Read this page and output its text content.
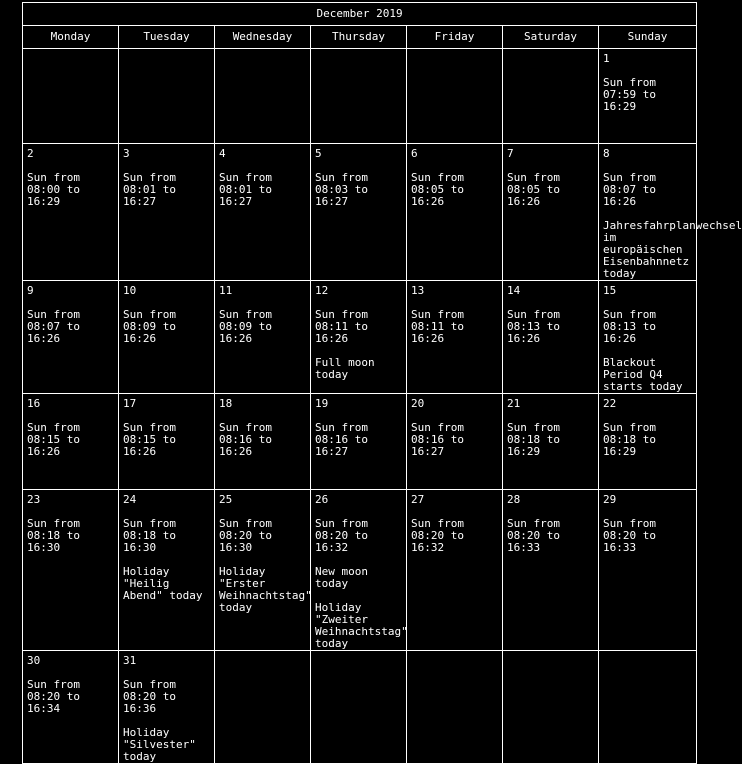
December 2019						
Monday	Tuesday	Wednesday	Thursday	Friday	Saturday	Sunday

						1
Sun from 07:59 to 16:29

2
Sun from 08:00 to 16:29	3
Sun from 08:01 to 16:27	4
Sun from 08:01 to 16:27	5
Sun from 08:03 to 16:27	6
Sun from 08:05 to 16:26	7
Sun from 08:05 to 16:26	8
Sun from 08:07 to 16:26
Jahresfahrplanwechsel im europäischen Eisenbahnnetz today

9
Sun from 08:07 to 16:26	10
Sun from 08:09 to 16:26	11
Sun from 08:09 to 16:26	12
Sun from 08:11 to 16:26
Full moon today	13
Sun from 08:11 to 16:26	14
Sun from 08:13 to 16:26	15
Sun from 08:13 to 16:26
Blackout Period Q4 starts today

16
Sun from 08:15 to 16:26	17
Sun from 08:15 to 16:26	18
Sun from 08:16 to 16:26	19
Sun from 08:16 to 16:27	20
Sun from 08:16 to 16:27	21
Sun from 08:18 to 16:29	22
Sun from 08:18 to 16:29

23
Sun from 08:18 to 16:30	24
Sun from 08:18 to 16:30
Holiday "Heilig Abend" today	25
Sun from 08:20 to 16:30
Holiday "Erster Weihnachtstag" today	26
Sun from 08:20 to 16:32
New moon today
Holiday "Zweiter Weihnachtstag" today	27
Sun from 08:20 to 16:32	28
Sun from 08:20 to 16:33	29
Sun from 08:20 to 16:33

30
Sun from 08:20 to 16:34	31
Sun from 08:20 to 16:36
Holiday "Silvester" today					
